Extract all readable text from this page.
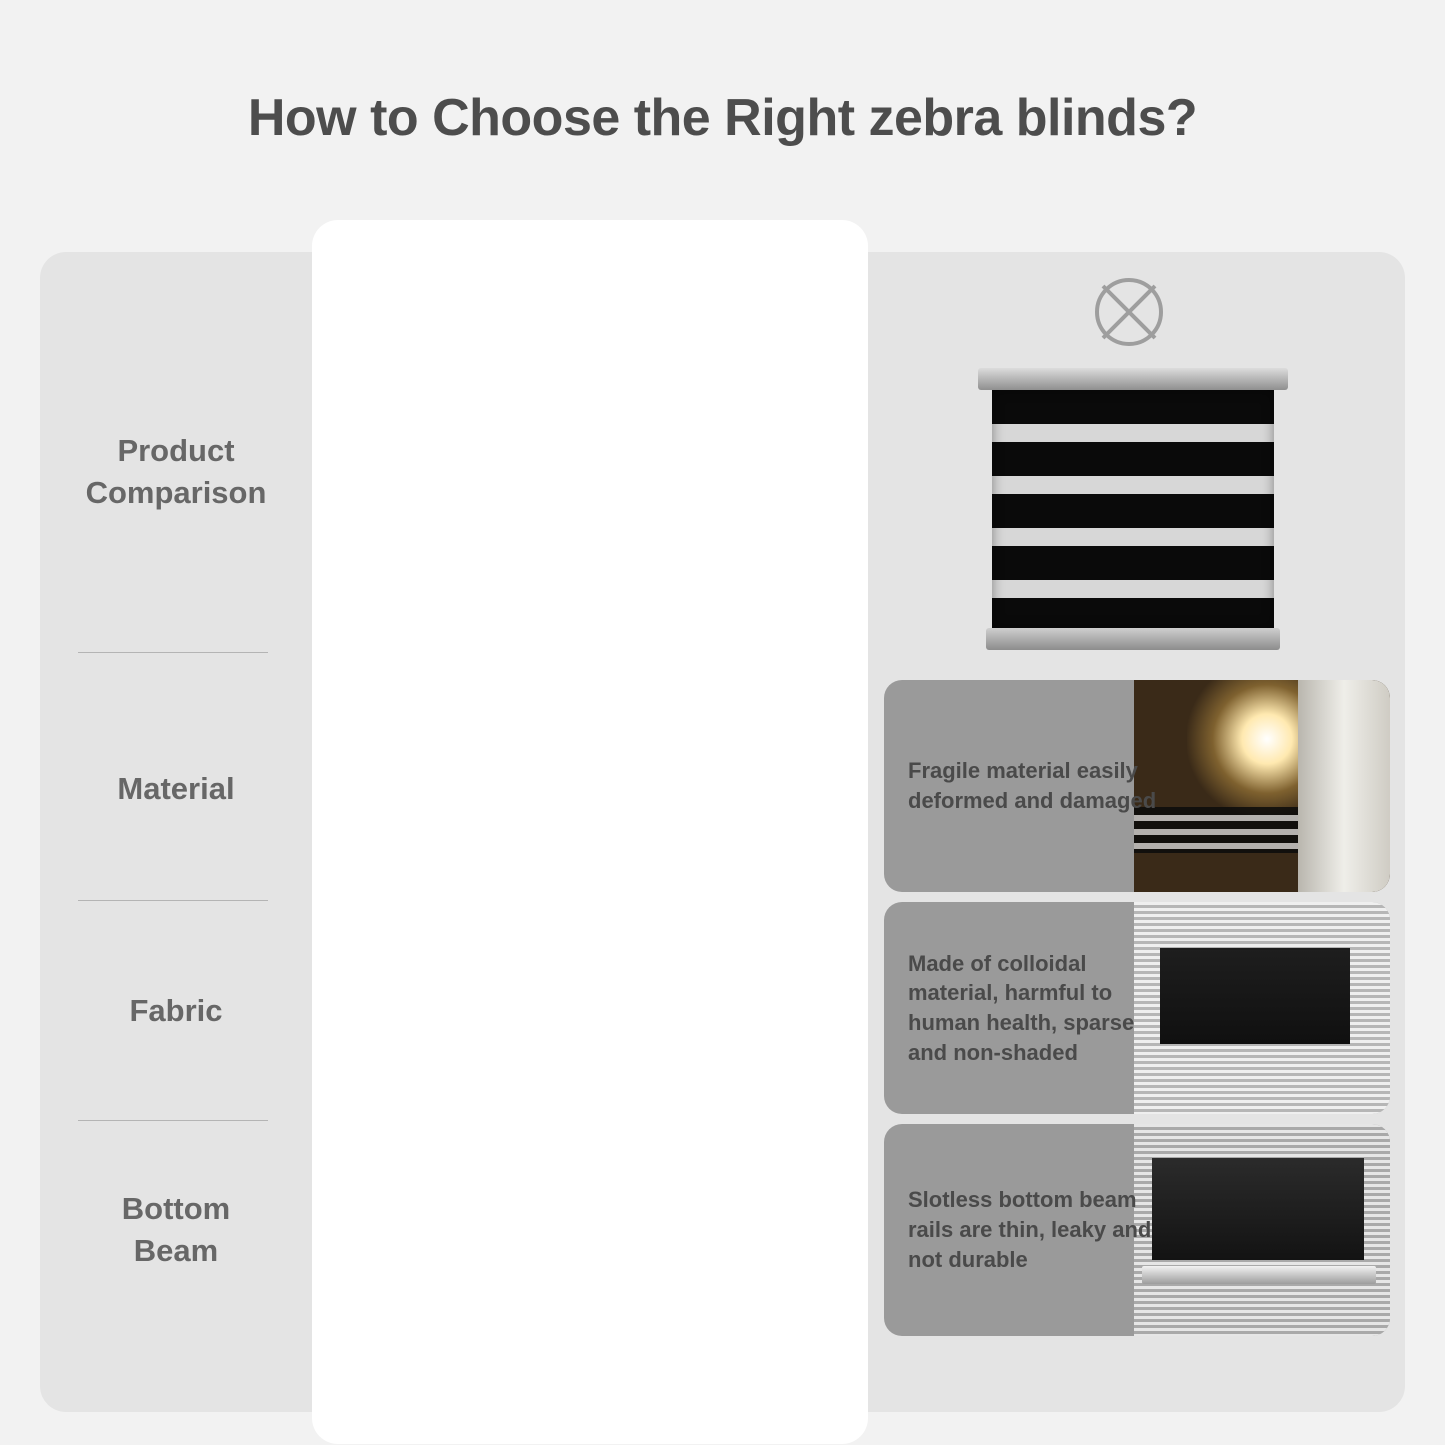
How to Choose the Right zebra blinds?
Product
Comparison
Material
Fabric
Bottom
Beam
Fragile material easily deformed and damaged
Made of colloidal material, harmful to human health, sparse and non-shaded
Slotless bottom beam rails are thin, leaky and not durable
